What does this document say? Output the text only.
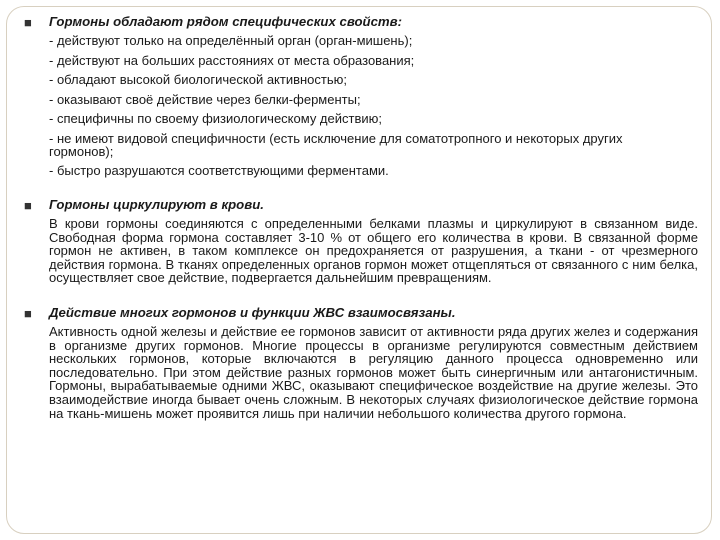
■ Гормоны обладают рядом специфических свойств:

- действуют только на определённый орган (орган-мишень);

- действуют на больших расстояниях от места образования;

- обладают высокой биологической активностью;

- оказывают своё действие через белки-ферменты;

- специфичны по своему физиологическому действию;

- не имеют видовой специфичности (есть исключение для соматотропного и некоторых других гормонов);

- быстро разрушаются соответствующими ферментами.

■ Гормоны циркулируют в крови.

В крови гормоны соединяются с определенными белками плазмы и циркулируют в связанном виде. Свободная форма гормона составляет 3-10 % от общего его количества в крови. В связанной форме гормон не активен, в таком комплексе он предохраняется от разрушения, а ткани - от чрезмерного действия гормона. В тканях определенных органов гормон может отщепляться от связанного с ним белка, осуществляет свое действие, подвергается дальнейшим превращениям.

■ Действие многих гормонов и функции ЖВС взаимосвязаны.

Активность одной железы и действие ее гормонов зависит от активности ряда других желез и содержания в организме других гормонов. Многие процессы в организме регулируются совместным действием нескольких гормонов, которые включаются в регуляцию данного процесса одновременно или последовательно. При этом действие разных гормонов может быть синергичным или антагонистичным. Гормоны, вырабатываемые одними ЖВС, оказывают специфическое воздействие на другие железы. Это взаимодействие иногда бывает очень сложным. В некоторых случаях физиологическое действие гормона на ткань-мишень может проявится лишь при наличии небольшого количества другого гормона.
